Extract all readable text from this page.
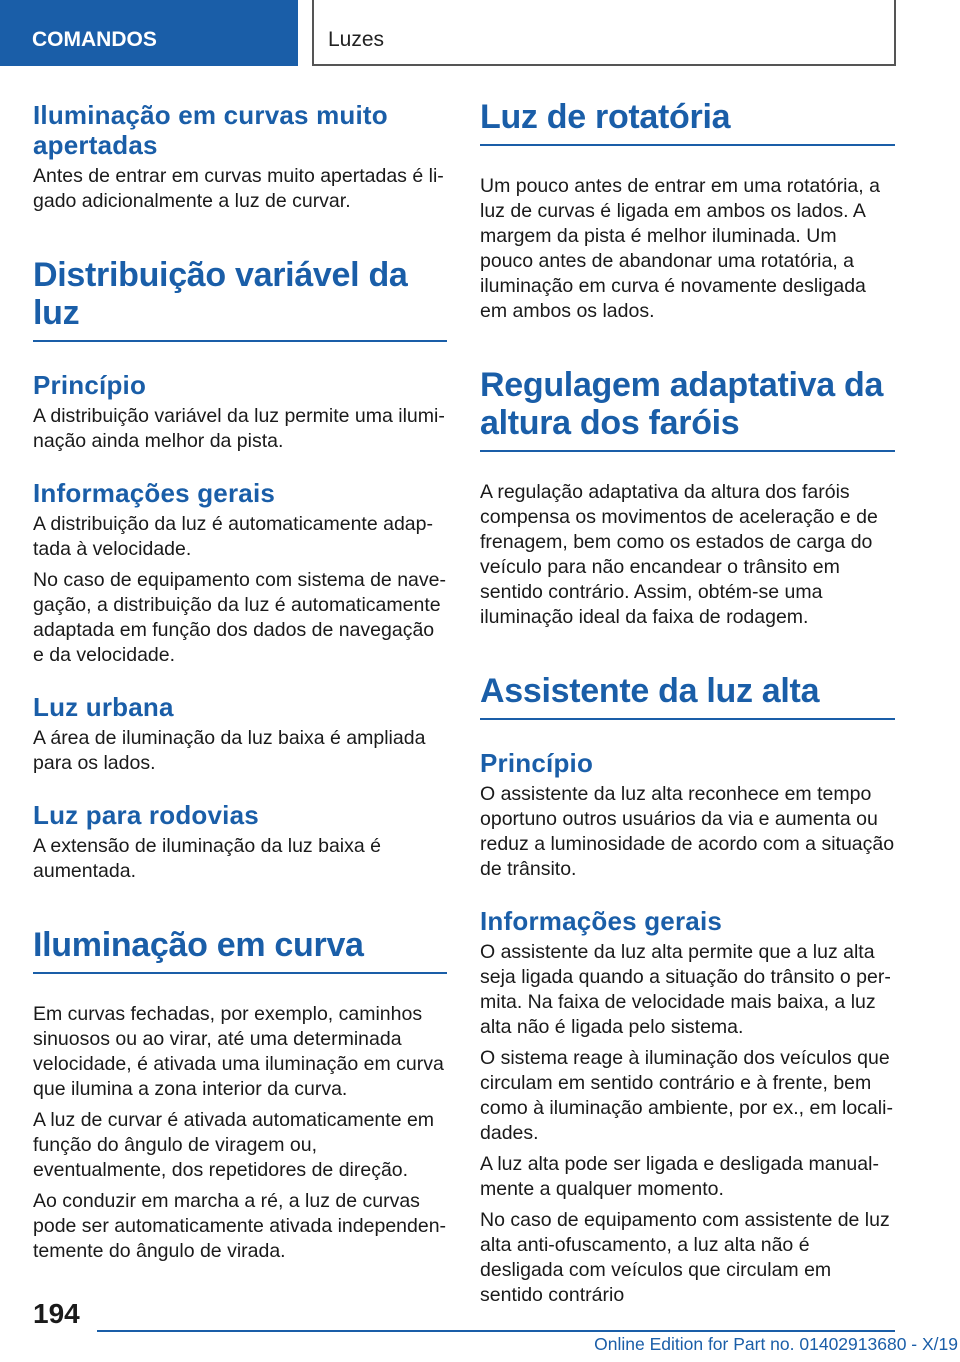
COMANDOS	Luzes
Iluminação em curvas muito apertadas

Antes de entrar em curvas muito apertadas é ligado adicionalmente a luz de curvar.

Distribuição variável da luz
Princípio

A distribuição variável da luz permite uma iluminação ainda melhor da pista.

Informações gerais

A distribuição da luz é automaticamente adaptada à velocidade.

No caso de equipamento com sistema de navegação, a distribuição da luz é automaticamente adaptada em função dos dados de navegação e da velocidade.

Luz urbana

A área de iluminação da luz baixa é ampliada para os lados.

Luz para rodovias

A extensão de iluminação da luz baixa é aumentada.

Iluminação em curva

Em curvas fechadas, por exemplo, caminhos sinuosos ou ao virar, até uma determinada velocidade, é ativada uma iluminação em curva que ilumina a zona interior da curva.

A luz de curvar é ativada automaticamente em função do ângulo de viragem ou, eventualmente, dos repetidores de direção.

Ao conduzir em marcha a ré, a luz de curvas pode ser automaticamente ativada independentemente do ângulo de virada.

Luz de rotatória

Um pouco antes de entrar em uma rotatória, a luz de curvas é ligada em ambos os lados. A margem da pista é melhor iluminada. Um pouco antes de abandonar uma rotatória, a iluminação em curva é novamente desligada em ambos os lados.

Regulagem adaptativa da altura dos faróis

A regulação adaptativa da altura dos faróis compensa os movimentos de aceleração e de frenagem, bem como os estados de carga do veículo para não encandear o trânsito em sentido contrário. Assim, obtém-se uma iluminação ideal da faixa de rodagem.

Assistente da luz alta
Princípio

O assistente da luz alta reconhece em tempo oportuno outros usuários da via e aumenta ou reduz a luminosidade de acordo com a situação de trânsito.

Informações gerais

O assistente da luz alta permite que a luz alta seja ligada quando a situação do trânsito o permita. Na faixa de velocidade mais baixa, a luz alta não é ligada pelo sistema.

O sistema reage à iluminação dos veículos que circulam em sentido contrário e à frente, bem como à iluminação ambiente, por ex., em localidades.

A luz alta pode ser ligada e desligada manualmente a qualquer momento.

No caso de equipamento com assistente de luz alta anti-ofuscamento, a luz alta não é desligada com veículos que circulam em sentido contrário

194
Online Edition for Part no. 01402913680 - X/19
